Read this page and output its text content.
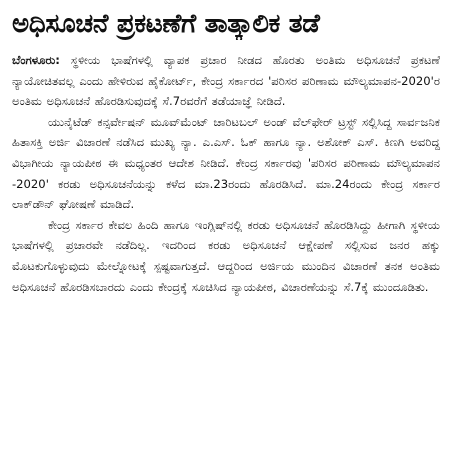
ಅಧಿಸೂಚನೆ ಪ್ರಕಟಣೆಗೆ ತಾತ್ಕಾಲಿಕ ತಡೆ

ಬೆಂಗಳೂರು: ಸ್ಥಳೀಯ ಭಾಷೆಗಳಲ್ಲಿ ವ್ಯಾಪಕ ಪ್ರಚಾರ ನೀಡದ ಹೊರತು ಅಂತಿಮ ಅಧಿಸೂಚನೆ ಪ್ರಕಟಣೆ ನ್ಯಾಯೋಚಿತವಲ್ಲ ಎಂದು ಹೇಳಿರುವ ಹೈಕೋರ್ಟ್, ಕೇಂದ್ರ ಸರ್ಕಾರದ 'ಪರಿಸರ ಪರಿಣಾಮ ಮೌಲ್ಯಮಾಪನ-2020'ರ ಅಂತಿಮ ಅಧಿಸೂಚನೆ ಹೊರಡಿಸುವುದಕ್ಕೆ ಸೆ.7ರವರೆಗೆ ತಡೆಯಾಜ್ಞೆ ನೀಡಿದೆ.

ಯುನೈಟೆಡ್ ಕನ್ಸರ್ವೇಷನ್ ಮೂವ್‌ಮೆಂಟ್ ಚಾರಿಟಬಲ್ ಅಂಡ್ ವೆಲ್‌ಫೇರ್ ಟ್ರಸ್ಟ್ ಸಲ್ಲಿಸಿದ್ದ ಸಾರ್ವಜನಿಕ ಹಿತಾಸಕ್ತಿ ಅರ್ಜಿ ವಿಚಾರಣೆ ನಡೆಸಿದ ಮುಖ್ಯ ನ್ಯಾ. ಎ.ಎಸ್. ಓಕ್ ಹಾಗೂ ನ್ಯಾ. ಅಶೋಕ್ ಎಸ್. ಕಿಣಗಿ ಅವರಿದ್ದ ವಿಭಾಗೀಯ ನ್ಯಾಯಪೀಠ ಈ ಮಧ್ಯಂತರ ಆದೇಶ ನೀಡಿದೆ. ಕೇಂದ್ರ ಸರ್ಕಾರವು 'ಪರಿಸರ ಪರಿಣಾಮ ಮೌಲ್ಯಮಾಪನ -2020' ಕರಡು ಅಧಿಸೂಚನೆಯನ್ನು ಕಳೆದ ಮಾ.23ರಂದು ಹೊರಡಿಸಿದೆ. ಮಾ.24ರಂದು ಕೇಂದ್ರ ಸರ್ಕಾರ ಲಾಕ್‌ಡೌನ್ ಘೋಷಣೆ ಮಾಡಿದೆ.

ಕೇಂದ್ರ ಸರ್ಕಾರ ಕೇವಲ ಹಿಂದಿ ಹಾಗೂ ಇಂಗ್ಲಿಷ್‌ನಲ್ಲಿ ಕರಡು ಅಧಿಸೂಚನೆ ಹೊರಡಿಸಿದ್ದು ಹೀಗಾಗಿ ಸ್ಥಳೀಯ ಭಾಷೆಗಳಲ್ಲಿ ಪ್ರಚಾರವೇ ನಡೆದಿಲ್ಲ. ಇದರಿಂದ ಕರಡು ಅಧಿಸೂಚನೆ ಆಕ್ಷೇಪಣೆ ಸಲ್ಲಿಸುವ ಜನರ ಹಕ್ಕು ಮೊಟಕುಗೊಳ್ಳುವುದು ಮೇಲ್ನೋಟಕ್ಕೆ ಸ್ಪಷ್ಟವಾಗುತ್ತದೆ. ಆದ್ದರಿಂದ ಅರ್ಜಿಯ ಮುಂದಿನ ವಿಚಾರಣೆ ತನಕ ಅಂತಿಮ ಅಧಿಸೂಚನೆ ಹೊರಡಿಸಬಾರದು ಎಂದು ಕೇಂದ್ರಕ್ಕೆ ಸೂಚಿಸಿದ ನ್ಯಾಯಪೀಠ, ವಿಚಾರಣೆಯನ್ನು ಸೆ.7ಕ್ಕೆ ಮುಂದೂಡಿತು.
